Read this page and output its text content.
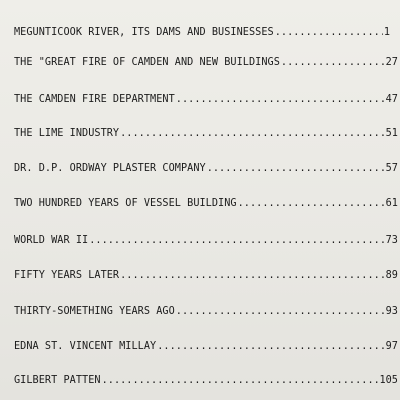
MEGUNTICOOK RIVER, ITS DAMS AND BUSINESSES .....	1
THE "GREAT FIRE OF CAMDEN AND NEW BUILDINGS .....	27
THE CAMDEN FIRE DEPARTMENT .....	47
THE LIME INDUSTRY .....	51
DR. D.P. ORDWAY PLASTER COMPANY .....	57
TWO HUNDRED YEARS OF VESSEL BUILDING .....	61
WORLD WAR II .....	73
FIFTY YEARS LATER .....	89
THIRTY-SOMETHING YEARS AGO .....	93
EDNA ST. VINCENT MILLAY .....	97
GILBERT PATTEN .....	105
